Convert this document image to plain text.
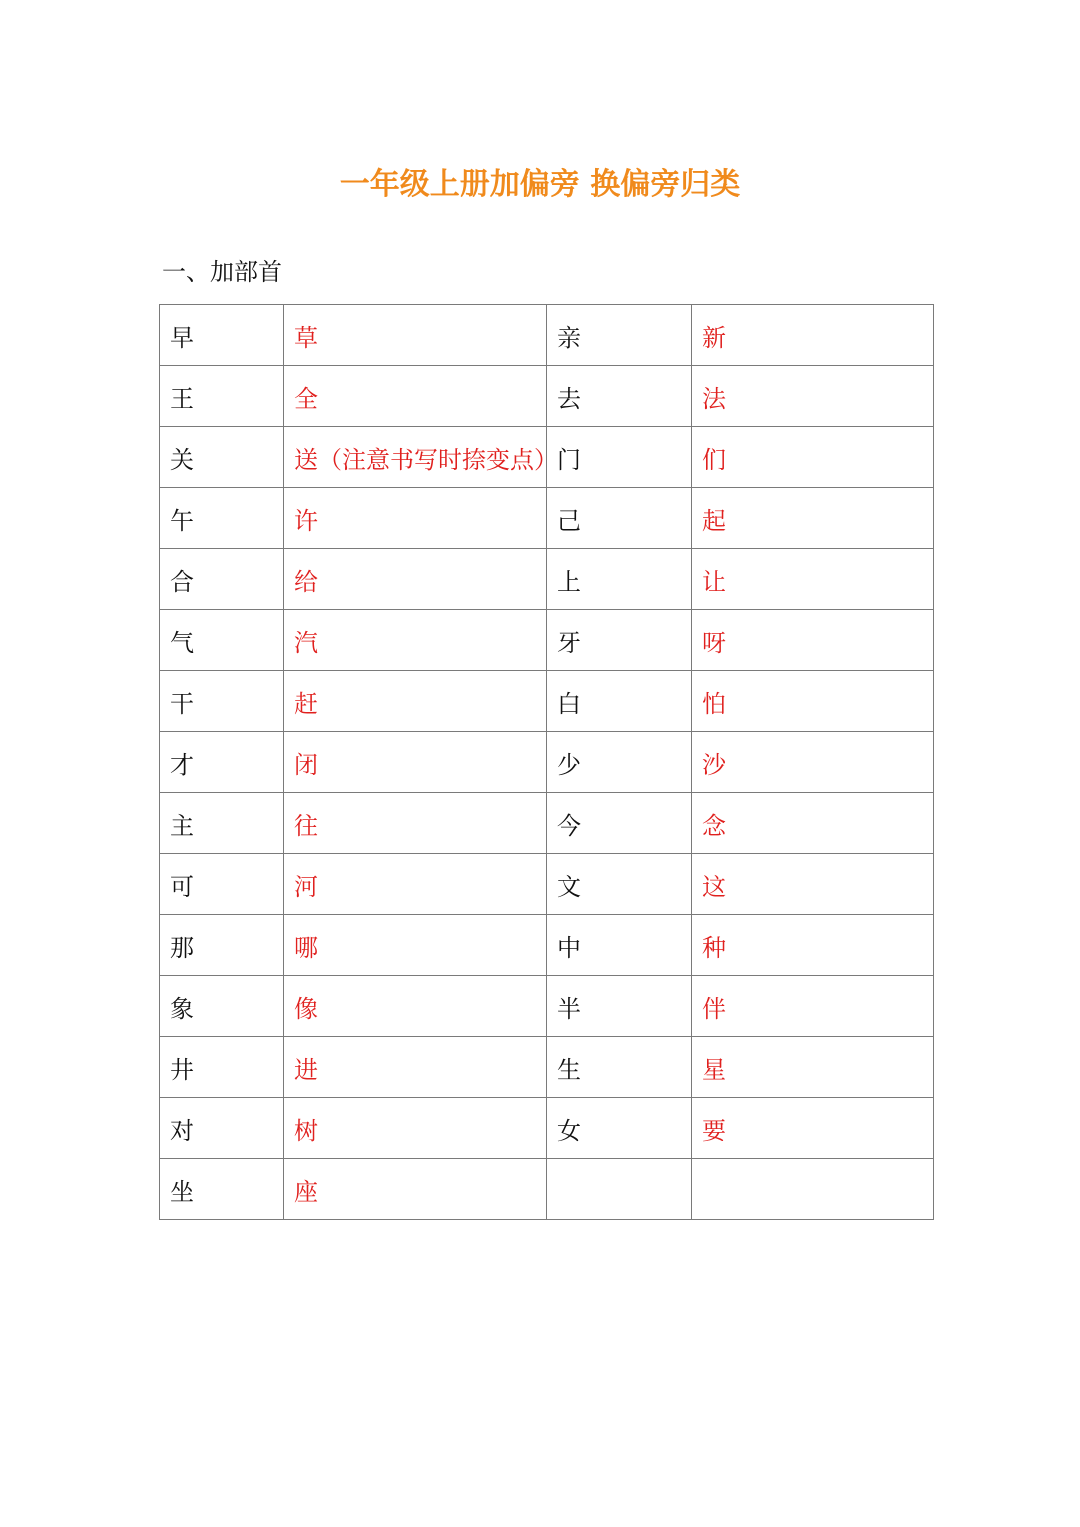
一年级上册加偏旁 换偏旁归类
一、加部首
早	草	亲	新
王	全	去	法
关	送（注意书写时捺变点）	门	们
午	许	己	起
合	给	上	让
气	汽	牙	呀
干	赶	白	怕
才	闭	少	沙
主	往	今	念
可	河	文	这
那	哪	中	种
象	像	半	伴
井	进	生	星
对	树	女	要
坐	座		
